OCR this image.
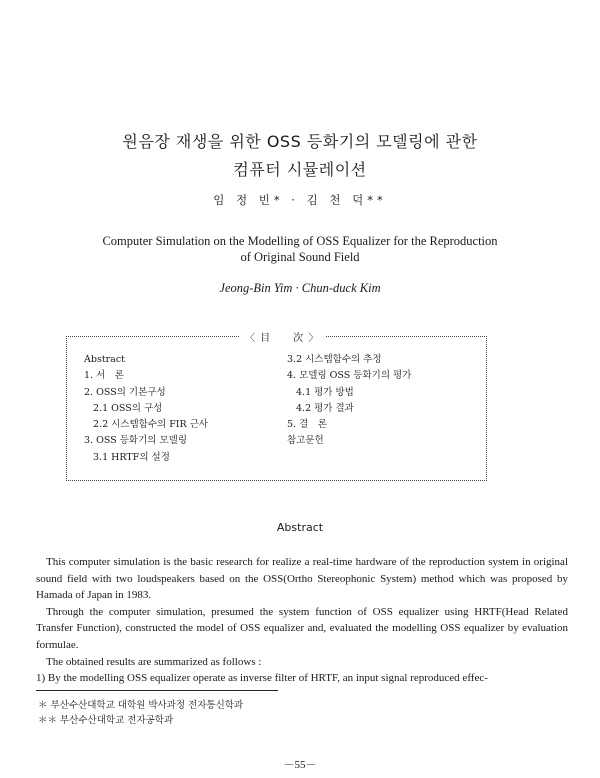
원음장 재생을 위한 OSS 등화기의 모델링에 관한
컴퓨터 시뮬레이션
임 정 빈* · 김 천 덕**
Computer Simulation on the Modelling of OSS Equalizer for the Reproduction
of Original Sound Field
Jeong-Bin Yim · Chun-duck Kim
〈 目　　次 〉
Abstract
1. 서　론
2. OSS의 기본구성
2.1 OSS의 구성
2.2 시스템함수의 FIR 근사
3. OSS 등화기의 모델링
3.1 HRTF의 설정
3.2 시스템함수의 추정
4. 모델링 OSS 등화기의 평가
4.1 평가 방법
4.2 평가 결과
5. 결　론
참고문헌
Abstract

This computer simulation is the basic research for realize a real-time hardware of the reproduction system in original sound field with two loudspeakers based on the OSS(Ortho Stereophonic System) method which was proposed by Hamada of Japan in 1983.

Through the computer simulation, presumed the system function of OSS equalizer using HRTF(Head Related Transfer Function), constructed the model of OSS equalizer and, evaluated the modelling OSS equalizer by evaluation formulae.

The obtained results are summarized as follows :

1) By the modelling OSS equalizer operate as inverse filter of HRTF, an input signal reproduced effec-

＊ 부산수산대학교 대학원 박사과정 전자통신학과
＊＊ 부산수산대학교 전자공학과
－55－
